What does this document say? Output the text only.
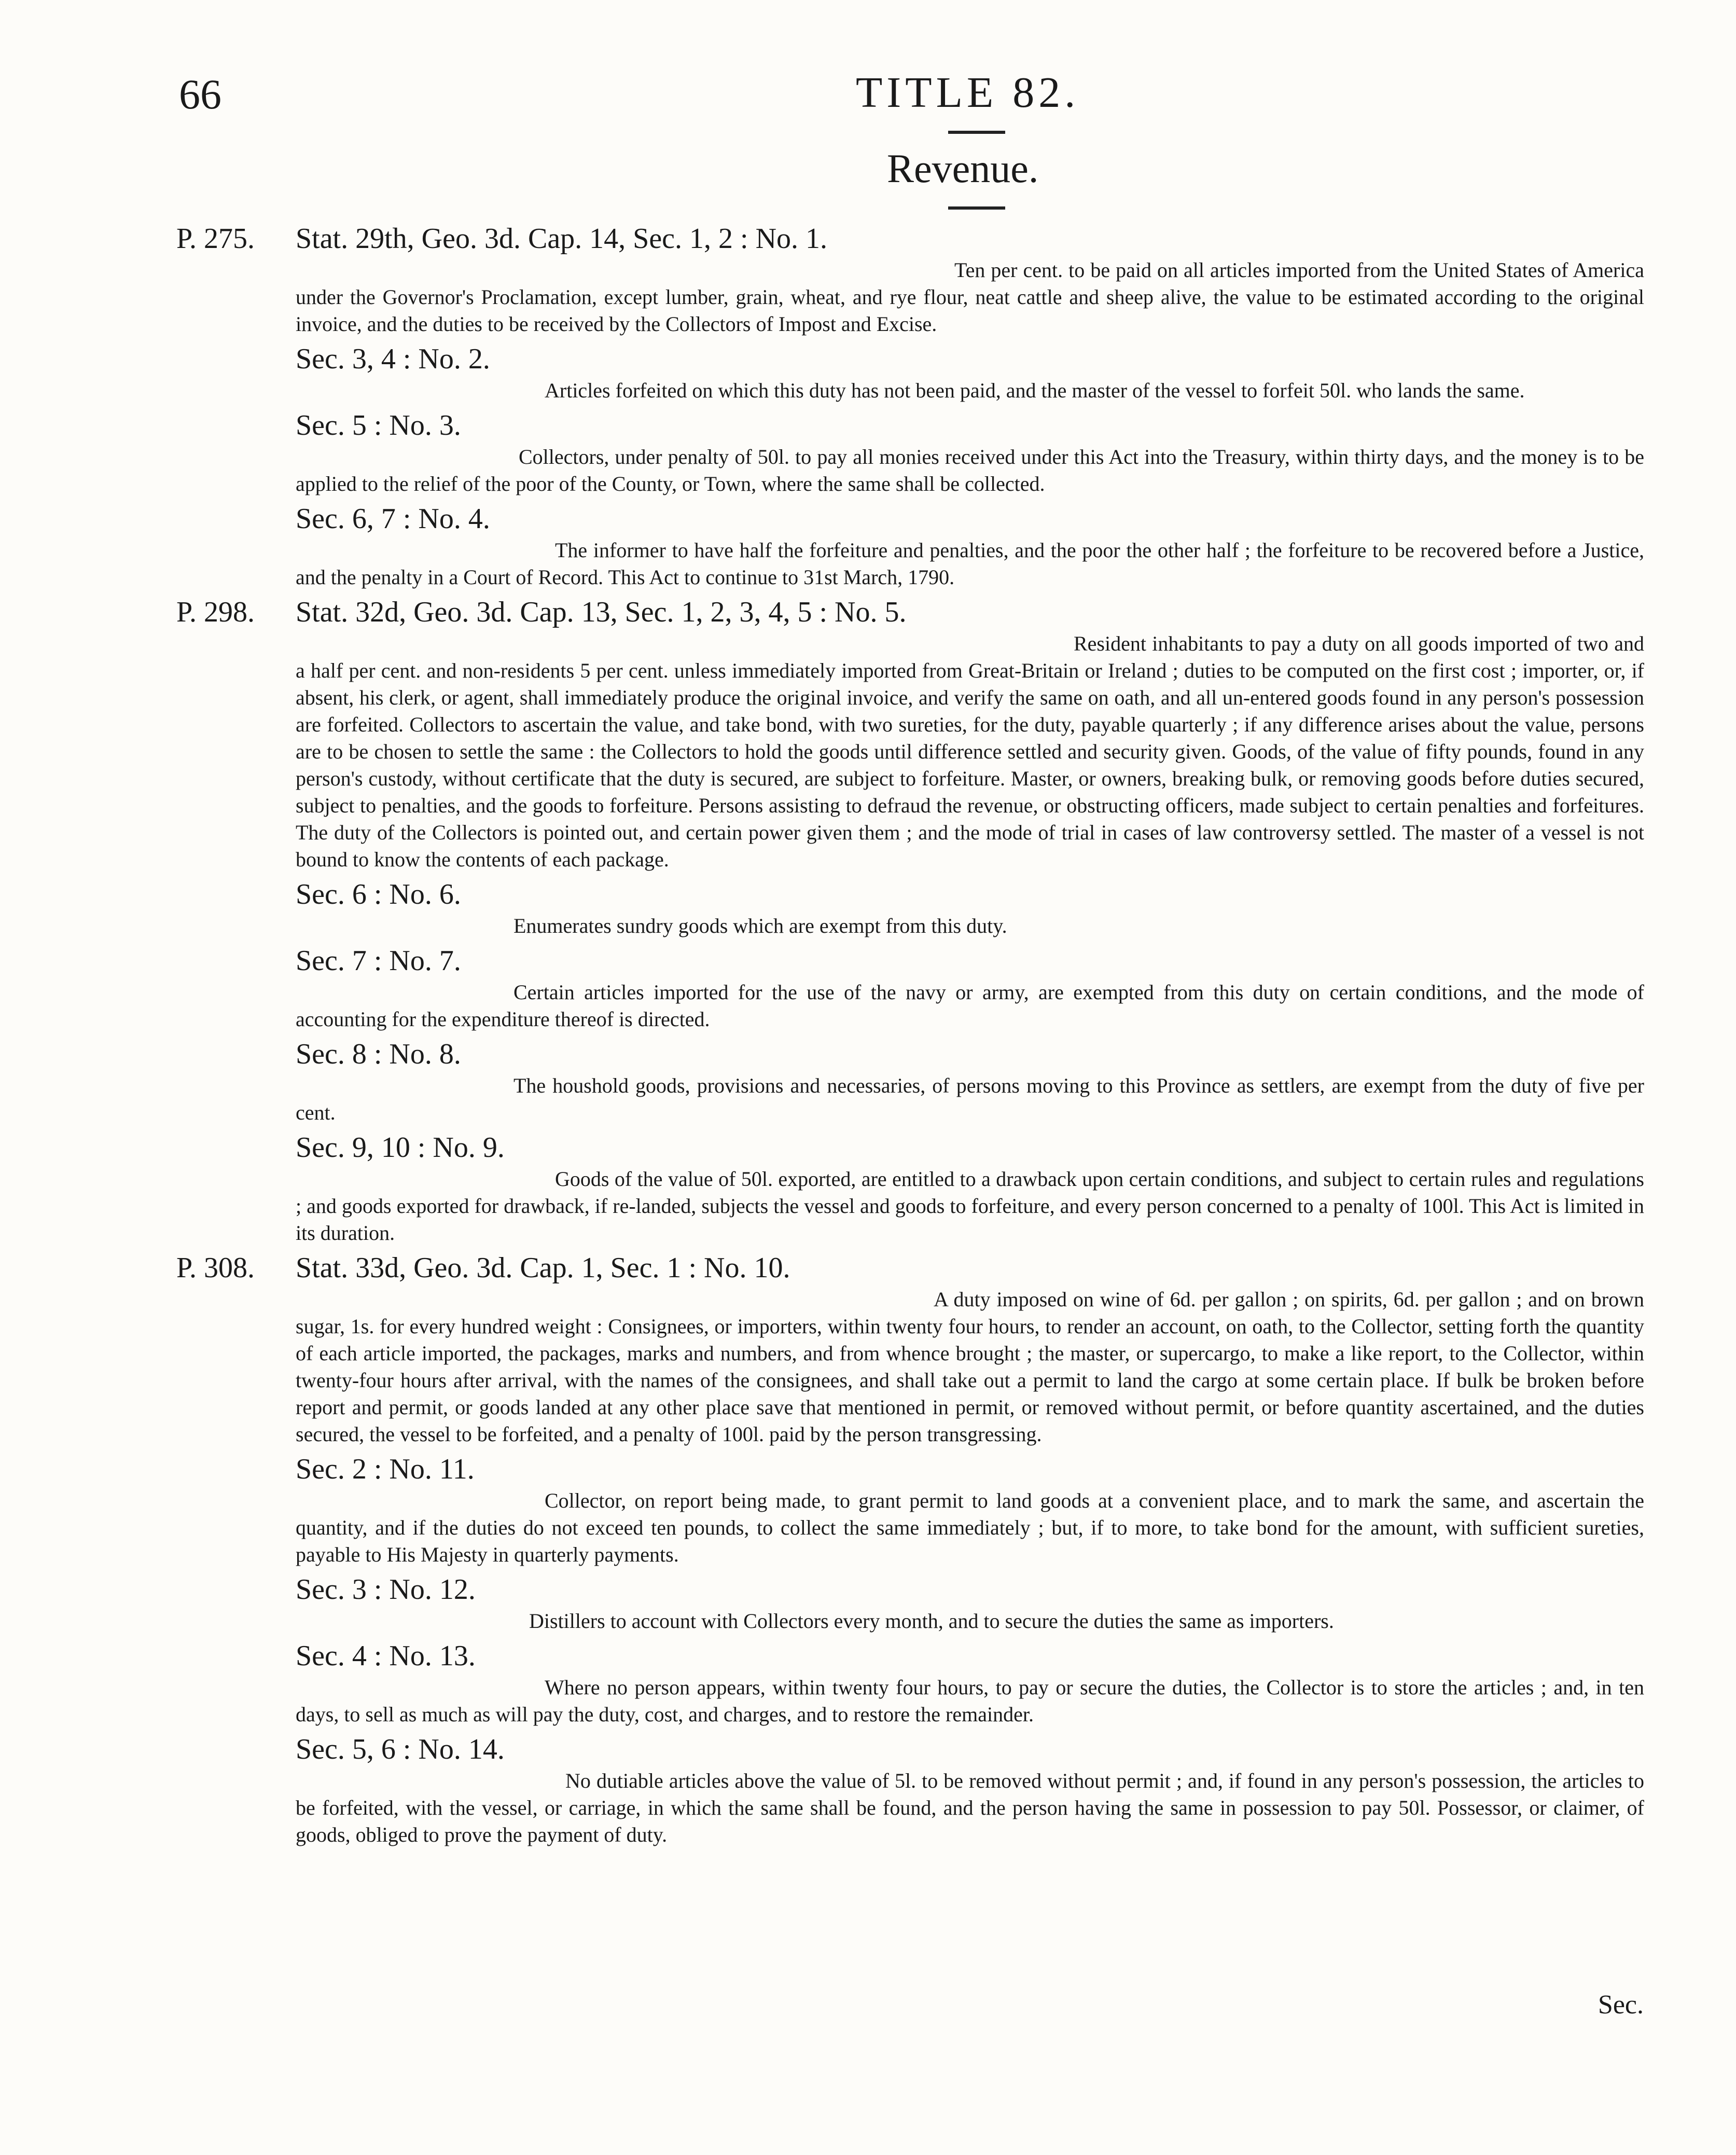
66	TITLE 82.
Revenue.
P. 275. Stat. 29th, Geo. 3d. Cap. 14, Sec. 1, 2 : No. 1.
Ten per cent. to be paid on all articles imported from the United States of America under the Governor's Proclamation, except lumber, grain, wheat, and rye flour, neat cattle and sheep alive, the value to be estimated according to the original invoice, and the duties to be received by the Collectors of Impost and Excise.
Sec. 3, 4 : No. 2.
Articles forfeited on which this duty has not been paid, and the master of the vessel to forfeit 50l. who lands the same.
Sec. 5 : No. 3.
Collectors, under penalty of 50l. to pay all monies received under this Act into the Treasury, within thirty days, and the money is to be applied to the relief of the poor of the County, or Town, where the same shall be collected.
Sec. 6, 7 : No. 4.
The informer to have half the forfeiture and penalties, and the poor the other half ; the forfeiture to be recovered before a Justice, and the penalty in a Court of Record. This Act to continue to 31st March, 1790.
P. 298. Stat. 32d, Geo. 3d. Cap. 13, Sec. 1, 2, 3, 4, 5 : No. 5.
Resident inhabitants to pay a duty on all goods imported of two and a half per cent. and non-residents 5 per cent. unless immediately imported from Great-Britain or Ireland ; duties to be computed on the first cost ; importer, or, if absent, his clerk, or agent, shall immediately produce the original invoice, and verify the same on oath, and all un-entered goods found in any person's possession are forfeited. Collectors to ascertain the value, and take bond, with two sureties, for the duty, payable quarterly ; if any difference arises about the value, persons are to be chosen to settle the same : the Collectors to hold the goods until difference settled and security given. Goods, of the value of fifty pounds, found in any person's custody, without certificate that the duty is secured, are subject to forfeiture. Master, or owners, breaking bulk, or removing goods before duties secured, subject to penalties, and the goods to forfeiture. Persons assisting to defraud the revenue, or obstructing officers, made subject to certain penalties and forfeitures. The duty of the Collectors is pointed out, and certain power given them ; and the mode of trial in cases of law controversy settled. The master of a vessel is not bound to know the contents of each package.
Sec. 6 : No. 6.
Enumerates sundry goods which are exempt from this duty.
Sec. 7 : No. 7.
Certain articles imported for the use of the navy or army, are exempted from this duty on certain conditions, and the mode of accounting for the expenditure thereof is directed.
Sec. 8 : No. 8.
The houshold goods, provisions and necessaries, of persons moving to this Province as settlers, are exempt from the duty of five per cent.
Sec. 9, 10 : No. 9.
Goods of the value of 50l. exported, are entitled to a drawback upon certain conditions, and subject to certain rules and regulations ; and goods exported for drawback, if re-landed, subjects the vessel and goods to forfeiture, and every person concerned to a penalty of 100l. This Act is limited in its duration.
P. 308. Stat. 33d, Geo. 3d. Cap. 1, Sec. 1 : No. 10.
A duty imposed on wine of 6d. per gallon ; on spirits, 6d. per gallon ; and on brown sugar, 1s. for every hundred weight : Consignees, or importers, within twenty four hours, to render an account, on oath, to the Collector, setting forth the quantity of each article imported, the packages, marks and numbers, and from whence brought ; the master, or supercargo, to make a like report, to the Collector, within twenty-four hours after arrival, with the names of the consignees, and shall take out a permit to land the cargo at some certain place. If bulk be broken before report and permit, or goods landed at any other place save that mentioned in permit, or removed without permit, or before quantity ascertained, and the duties secured, the vessel to be forfeited, and a penalty of 100l. paid by the person transgressing.
Sec. 2 : No. 11.
Collector, on report being made, to grant permit to land goods at a convenient place, and to mark the same, and ascertain the quantity, and if the duties do not exceed ten pounds, to collect the same immediately ; but, if to more, to take bond for the amount, with sufficient sureties, payable to His Majesty in quarterly payments.
Sec. 3 : No. 12.
Distillers to account with Collectors every month, and to secure the duties the same as importers.
Sec. 4 : No. 13.
Where no person appears, within twenty four hours, to pay or secure the duties, the Collector is to store the articles ; and, in ten days, to sell as much as will pay the duty, cost, and charges, and to restore the remainder.
Sec. 5, 6 : No. 14.
No dutiable articles above the value of 5l. to be removed without permit ; and, if found in any person's possession, the articles to be forfeited, with the vessel, or carriage, in which the same shall be found, and the person having the same in possession to pay 50l. Possessor, or claimer, of goods, obliged to prove the payment of duty.
Sec.
